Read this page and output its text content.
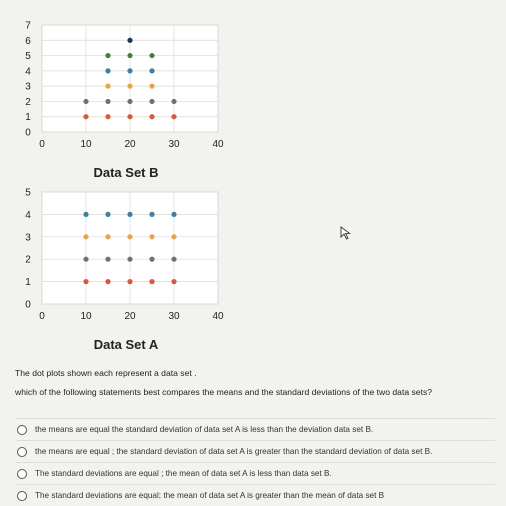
0
1
2
3
4
5
6
7
0	10	20	30	40
Data Set B
0
1
2
3
4
5
0	10	20	30	40
Data Set A
The dot plots shown each represent a data set .
which of the following statements best compares the means and the standard deviations of the two data sets?
the means are equal the standard deviation of data set A is less than the deviation data set B.
the means are equal ; the standard deviation of data set A is greater than the standard deviation of data set B.
The standard deviations are equal ; the mean of data set A is less than data set B.
The standard deviations are equal; the mean of data set A is greater than the mean of data set B
